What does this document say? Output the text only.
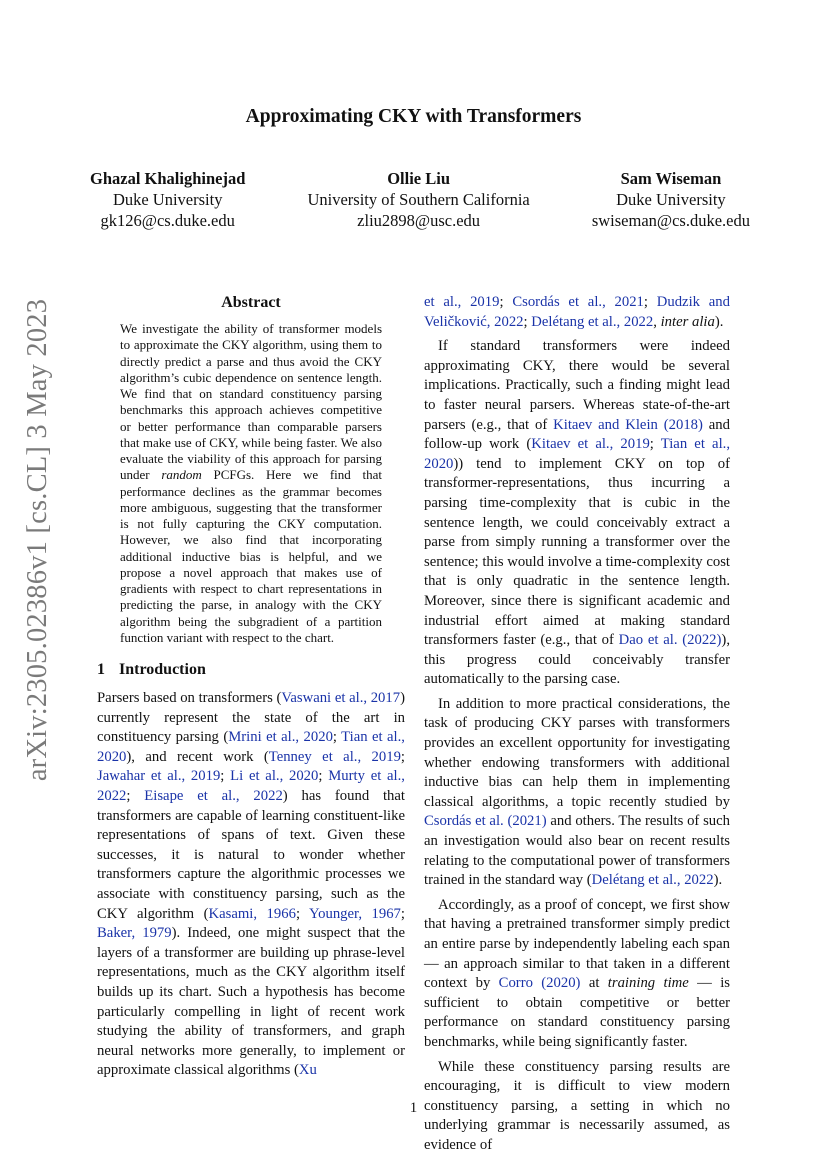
arXiv:2305.02386v1 [cs.CL] 3 May 2023
Approximating CKY with Transformers
Ghazal Khalighinejad
Duke University
gk126@cs.duke.edu
Ollie Liu
University of Southern California
zliu2898@usc.edu
Sam Wiseman
Duke University
swiseman@cs.duke.edu
Abstract

We investigate the ability of transformer models to approximate the CKY algorithm, using them to directly predict a parse and thus avoid the CKY algorithm’s cubic dependence on sentence length. We find that on standard constituency parsing benchmarks this approach achieves competitive or better performance than comparable parsers that make use of CKY, while being faster. We also evaluate the viability of this approach for parsing under random PCFGs. Here we find that performance declines as the grammar becomes more ambiguous, suggesting that the transformer is not fully capturing the CKY computation. However, we also find that incorporating additional inductive bias is helpful, and we propose a novel approach that makes use of gradients with respect to chart representations in predicting the parse, in analogy with the CKY algorithm being the subgradient of a partition function variant with respect to the chart.

1 Introduction

Parsers based on transformers (Vaswani et al., 2017) currently represent the state of the art in constituency parsing (Mrini et al., 2020; Tian et al., 2020), and recent work (Tenney et al., 2019; Jawahar et al., 2019; Li et al., 2020; Murty et al., 2022; Eisape et al., 2022) has found that transformers are capable of learning constituent-like representations of spans of text. Given these successes, it is natural to wonder whether transformers capture the algorithmic processes we associate with constituency parsing, such as the CKY algorithm (Kasami, 1966; Younger, 1967; Baker, 1979). Indeed, one might suspect that the layers of a transformer are building up phrase-level representations, much as the CKY algorithm itself builds up its chart. Such a hypothesis has become particularly compelling in light of recent work studying the ability of transformers, and graph neural networks more generally, to implement or approximate classical algorithms (Xu

et al., 2019; Csordás et al., 2021; Dudzik and Veličković, 2022; Delétang et al., 2022, inter alia).

If standard transformers were indeed approximating CKY, there would be several implications. Practically, such a finding might lead to faster neural parsers. Whereas state-of-the-art parsers (e.g., that of Kitaev and Klein (2018) and follow-up work (Kitaev et al., 2019; Tian et al., 2020)) tend to implement CKY on top of transformer-representations, thus incurring a parsing time-complexity that is cubic in the sentence length, we could conceivably extract a parse from simply running a transformer over the sentence; this would involve a time-complexity cost that is only quadratic in the sentence length. Moreover, since there is significant academic and industrial effort aimed at making standard transformers faster (e.g., that of Dao et al. (2022)), this progress could conceivably transfer automatically to the parsing case.

In addition to more practical considerations, the task of producing CKY parses with transformers provides an excellent opportunity for investigating whether endowing transformers with additional inductive bias can help them in implementing classical algorithms, a topic recently studied by Csordás et al. (2021) and others. The results of such an investigation would also bear on recent results relating to the computational power of transformers trained in the standard way (Delétang et al., 2022).

Accordingly, as a proof of concept, we first show that having a pretrained transformer simply predict an entire parse by independently labeling each span — an approach similar to that taken in a different context by Corro (2020) at training time — is sufficient to obtain competitive or better performance on standard constituency parsing benchmarks, while being significantly faster.

While these constituency parsing results are encouraging, it is difficult to view modern constituency parsing, a setting in which no underlying grammar is necessarily assumed, as evidence of

1
